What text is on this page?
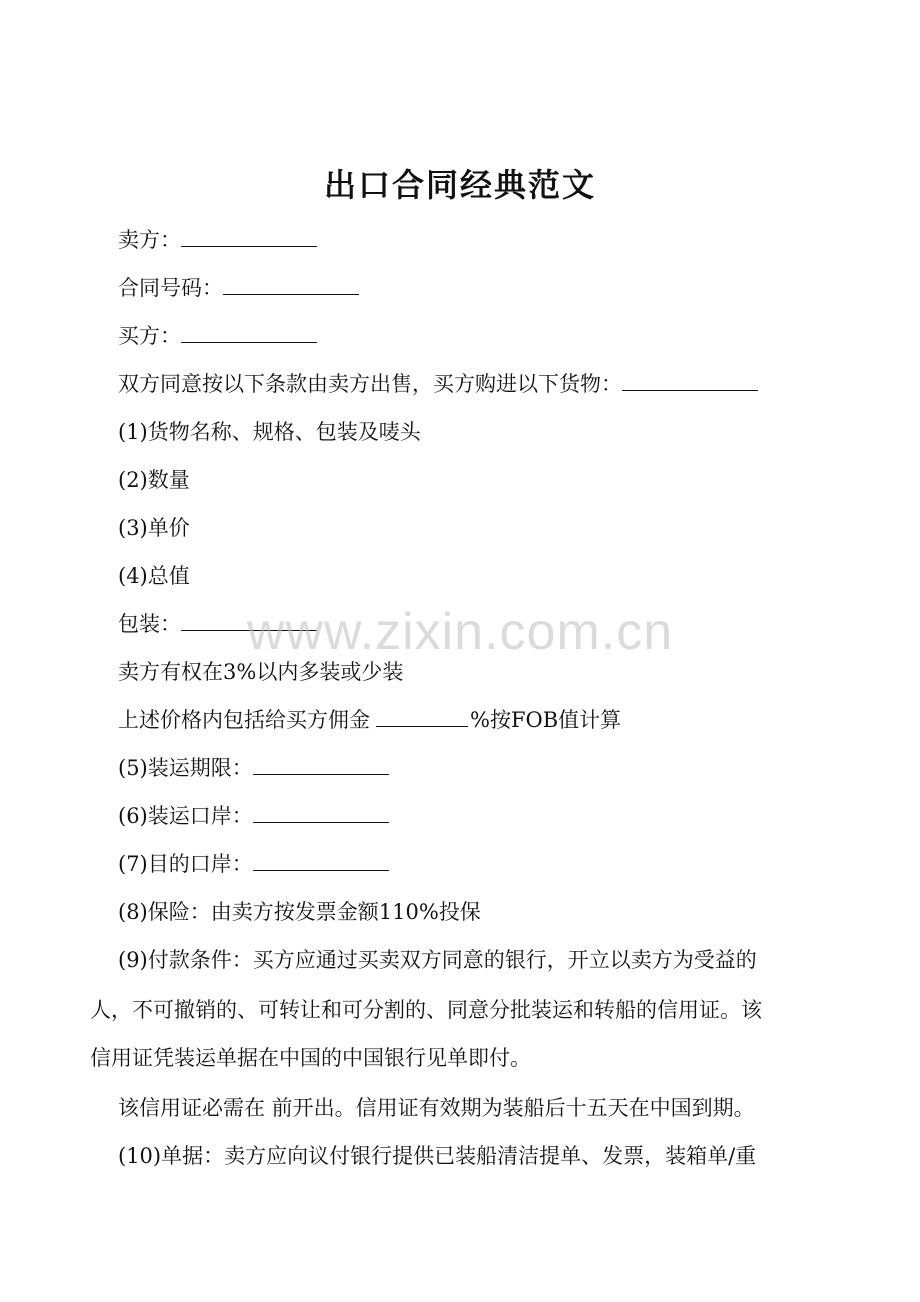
出口合同经典范文
卖方：
合同号码：
买方：
双方同意按以下条款由卖方出售，买方购进以下货物：
(1)货物名称、规格、包装及唛头
(2)数量
(3)单价
(4)总值
包装：
卖方有权在3%以内多装或少装
上述价格内包括给买方佣金	%按FOB值计算
(5)装运期限：
(6)装运口岸：
(7)目的口岸：
(8)保险：由卖方按发票金额110%投保
(9)付款条件：买方应通过买卖双方同意的银行，开立以卖方为受益的
人，不可撤销的、可转让和可分割的、同意分批装运和转船的信用证。该
信用证凭装运单据在中国的中国银行见单即付。
该信用证必需在 前开出。信用证有效期为装船后十五天在中国到期。
(10)单据：卖方应向议付银行提供已装船清洁提单、发票，装箱单/重
www.zixin.com.cn
